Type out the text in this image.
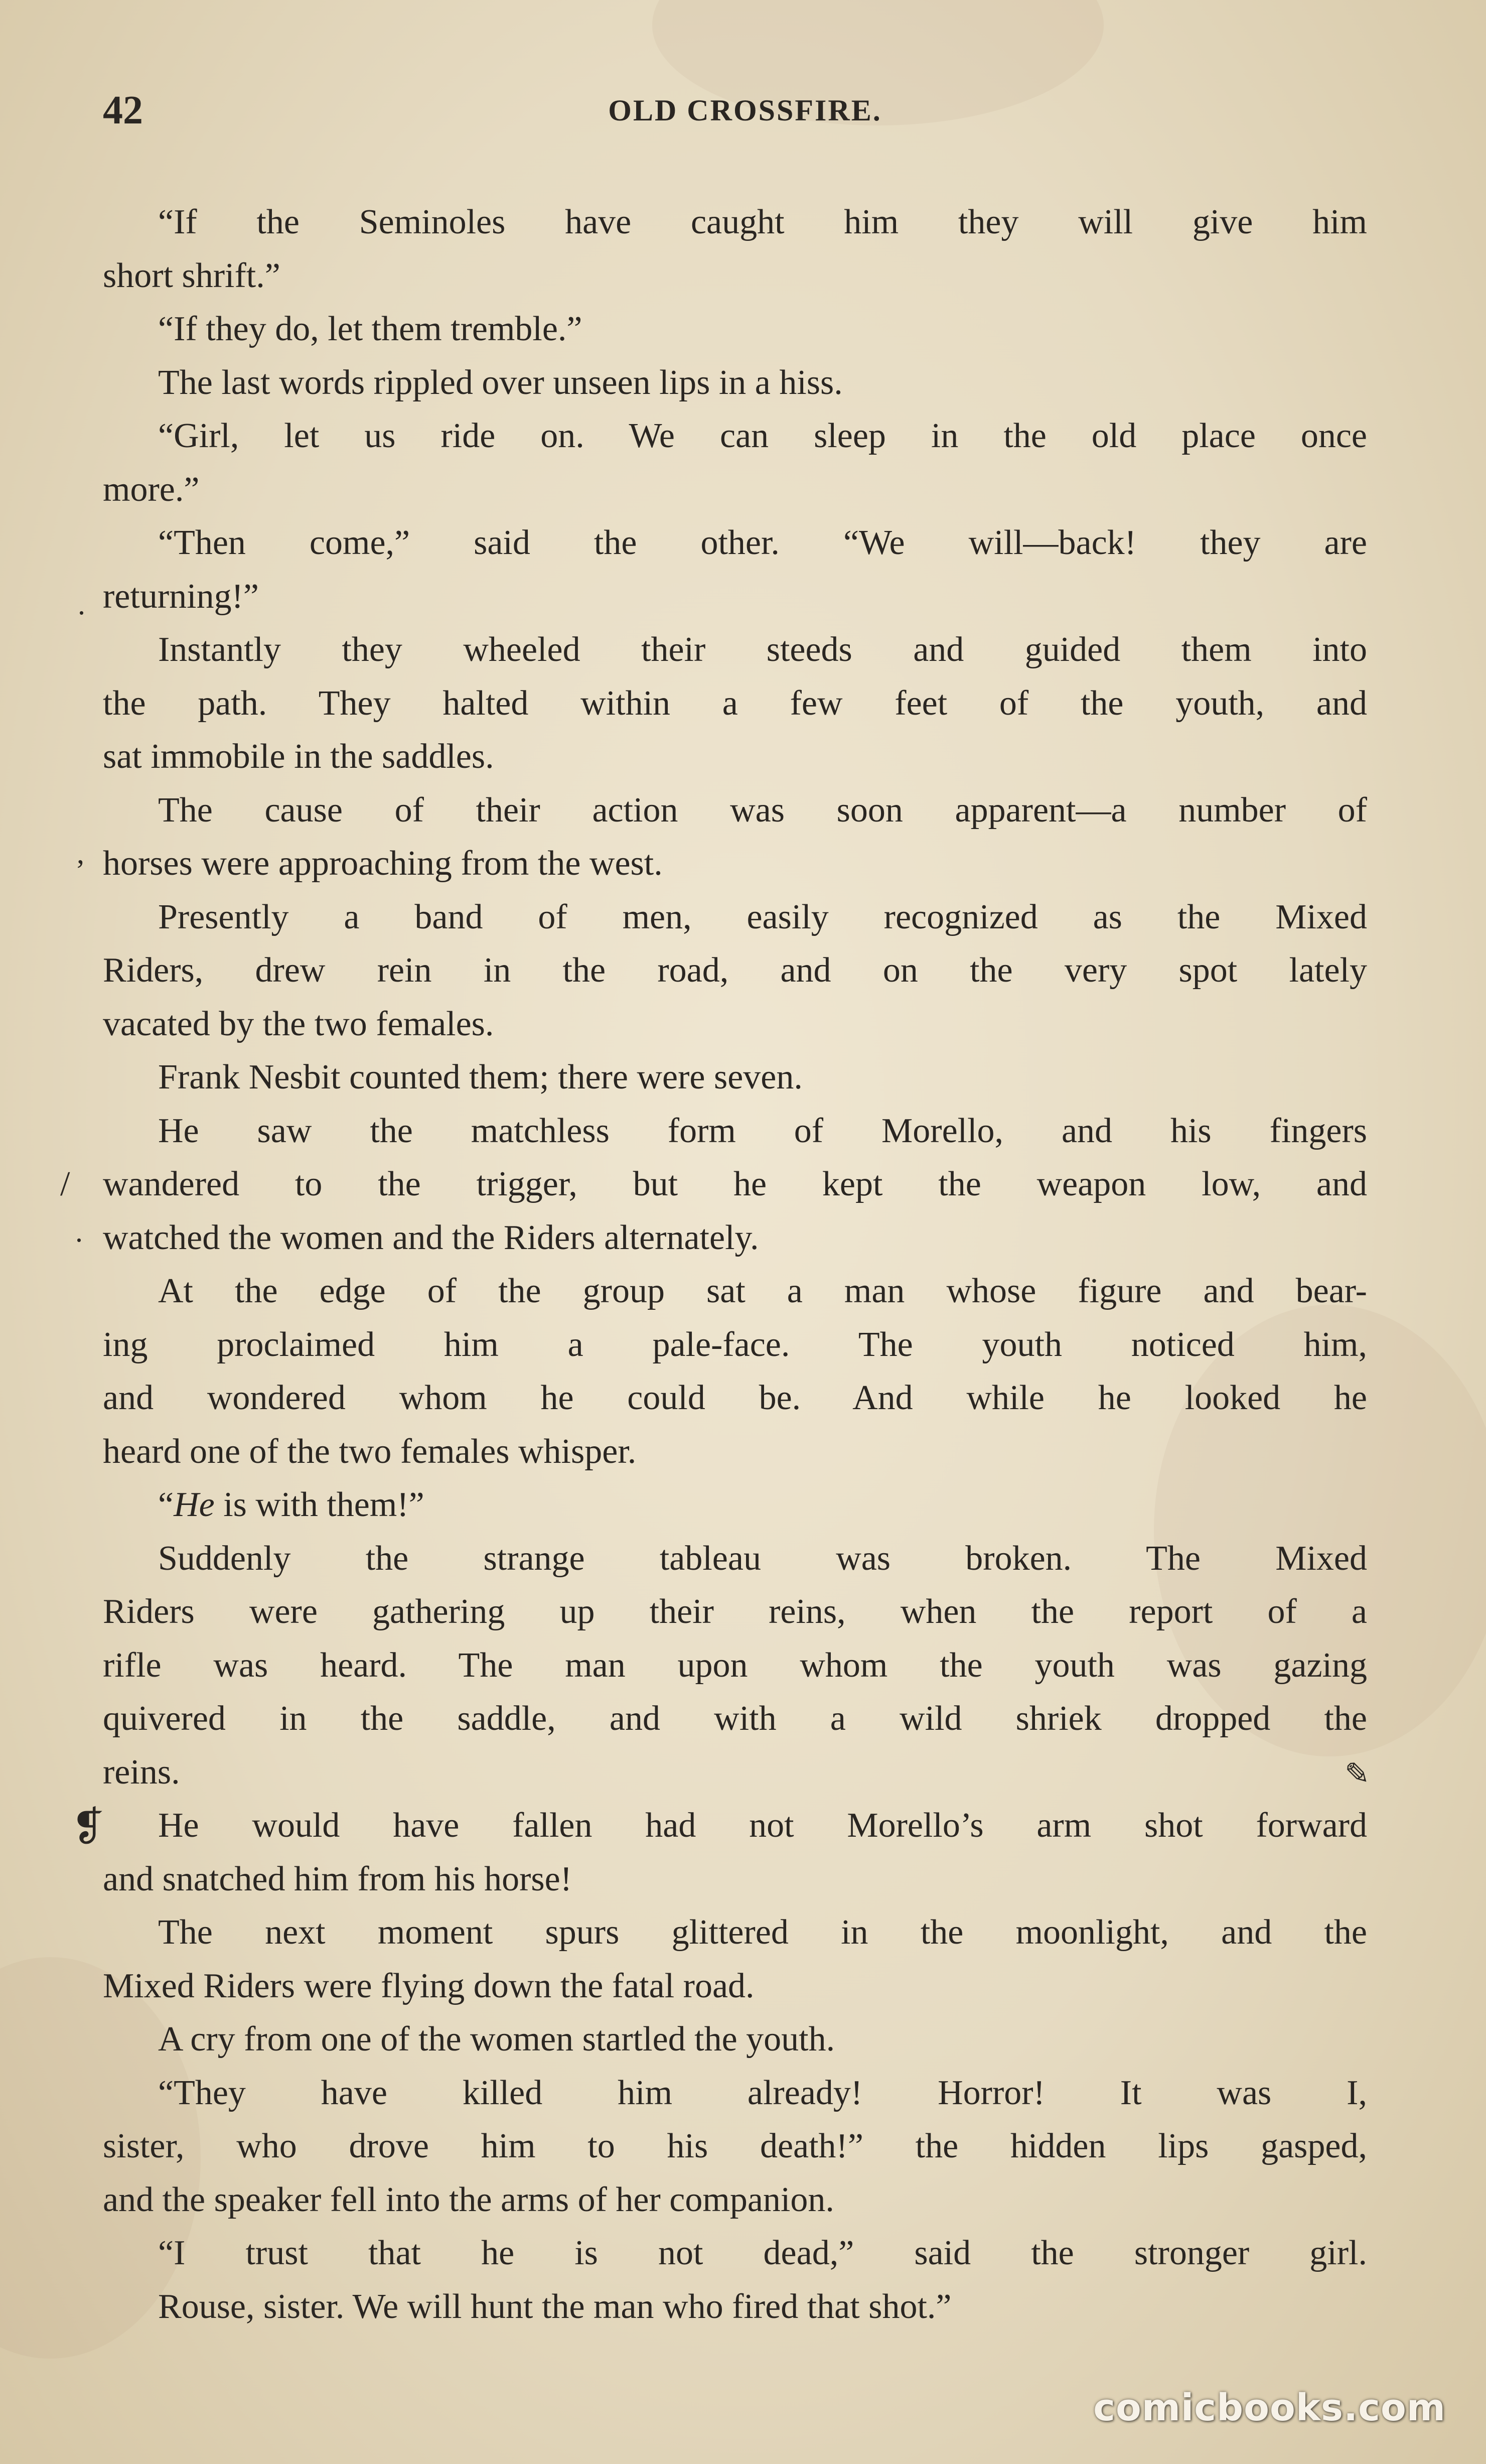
42	OLD CROSSFIRE.
“If the Seminoles have caught him they will give him
short shrift.”
“If they do, let them tremble.”
The last words rippled over unseen lips in a hiss.
“Girl, let us ride on. We can sleep in the old place once
more.”
“Then come,” said the other. “We will—back! they are
returning!”
Instantly they wheeled their steeds and guided them into
the path. They halted within a few feet of the youth, and
sat immobile in the saddles.
The cause of their action was soon apparent—a number of
horses were approaching from the west.
Presently a band of men, easily recognized as the Mixed
Riders, drew rein in the road, and on the very spot lately
vacated by the two females.
Frank Nesbit counted them; there were seven.
He saw the matchless form of Morello, and his fingers
wandered to the trigger, but he kept the weapon low, and
watched the women and the Riders alternately.
At the edge of the group sat a man whose figure and bear-
ing proclaimed him a pale-face. The youth noticed him,
and wondered whom he could be. And while he looked he
heard one of the two females whisper.
“He is with them!”
Suddenly the strange tableau was broken. The Mixed
Riders were gathering up their reins, when the report of a
rifle was heard. The man upon whom the youth was gazing
quivered in the saddle, and with a wild shriek dropped the
reins.
He would have fallen had not Morello’s arm shot forward
and snatched him from his horse!
The next moment spurs glittered in the moonlight, and the
Mixed Riders were flying down the fatal road.
A cry from one of the women startled the youth.
“They have killed him already! Horror! It was I,
sister, who drove him to his death!” the hidden lips gasped,
and the speaker fell into the arms of her companion.
“I trust that he is not dead,” said the stronger girl.
Rouse, sister. We will hunt the man who fired that shot.”
❡
.
ʼ
/
.
✎
comicbooks.com
